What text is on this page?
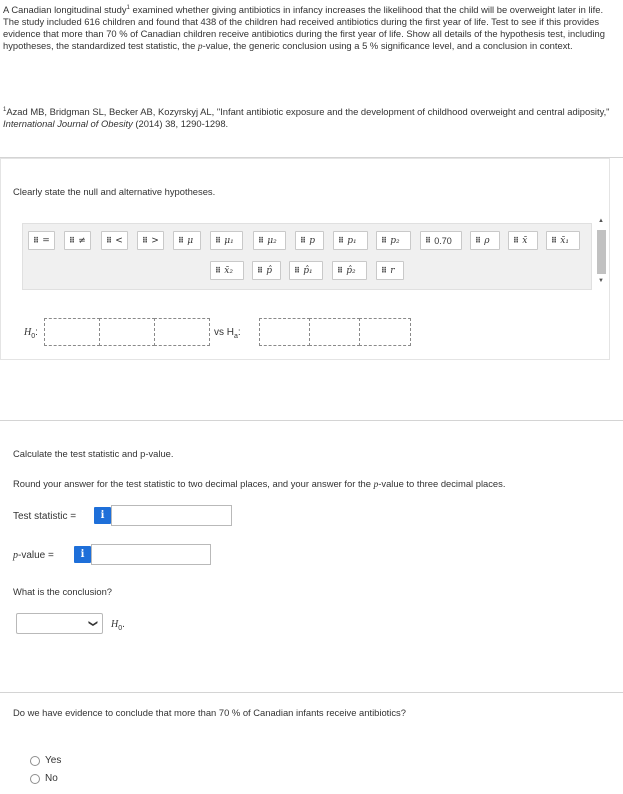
A Canadian longitudinal study$^1$ examined whether giving antibiotics in infancy increases the likelihood that the child will be overweight later in life. The study included 616 children and found that 438 of the children had received antibiotics during the first year of life. Test to see if this provides evidence that more than 70 % of Canadian children receive antibiotics during the first year of life. Show all details of the hypothesis test, including hypotheses, the standardized test statistic, the p-value, the generic conclusion using a 5 % significance level, and a conclusion in context.
$^1$Azad MB, Bridgman SL, Becker AB, Kozyrskyj AL, "Infant antibiotic exposure and the development of childhood overweight and central adiposity," International Journal of Obesity (2014) 38, 1290-1298.
Clearly state the null and alternative hypotheses.
⠿ = ⠿ ≠	⠿ < ⠿ > ⠿ μ	⠿ μ₁	⠿ μ₂	⠿ p	⠿ p₁	⠿ p₂	⠿ 0.70	⠿ ρ	⠿ x̄	⠿ x̄₁
⠿ x̄₂	⠿ p̂	⠿ p̂₁	⠿ p̂₂	⠿ r
▲
▼
$H_0$:	vs $H_a$:
Calculate the test statistic and p-value.
Round your answer for the test statistic to two decimal places, and your answer for the p-value to three decimal places.
Test statistic =	i
p-value =	i
What is the conclusion?
❯ $H_0$.
Do we have evidence to conclude that more than 70 % of Canadian infants receive antibiotics?
Yes
No
